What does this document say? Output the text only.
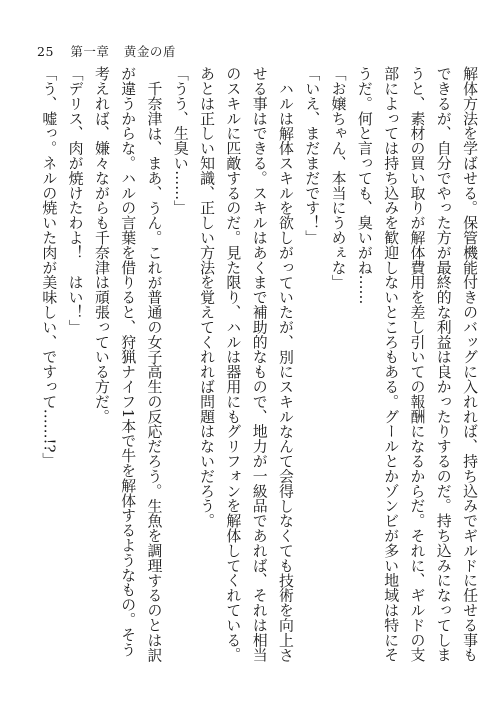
25 第一章 黄金の盾
解体方法を学ばせる。保管機能付きのバッグに入れれば、持ち込みでギルドに任せる事も
できるが、自分でやった方が最終的な利益は良かったりするのだ。持ち込みになってしま
うと、素材の買い取りが解体費用を差し引いての報酬になるからだ。それに、ギルドの支
部によっては持ち込みを歓迎しないところもある。グールとかゾンビが多い地域は特にそ
うだ。何と言っても、臭いがね……
「お嬢ちゃん、本当にうめぇな」
「いえ、まだまだです！」
ハルは解体スキルを欲しがっていたが、別にスキルなんて会得しなくても技術を向上さ
せる事はできる。スキルはあくまで補助的なもので、地力が一級品であれば、それは相当
のスキルに匹敵するのだ。見た限り、ハルは器用にもグリフォンを解体してくれている。
あとは正しい知識、正しい方法を覚えてくれれば問題はないだろう。
「うう、生臭い……」
千奈津は、まあ、うん。これが普通の女子高生の反応だろう。生魚を調理するのとは訳
が違うからな。ハルの言葉を借りると、狩猟ナイフ1本で牛を解体するようなもの。そう
考えれば、嫌々ながらも千奈津は頑張っている方だ。
「デリス、肉が焼けたわよ！　はい！」
「う、嘘っ。ネルの焼いた肉が美味しい、ですって……!?」
